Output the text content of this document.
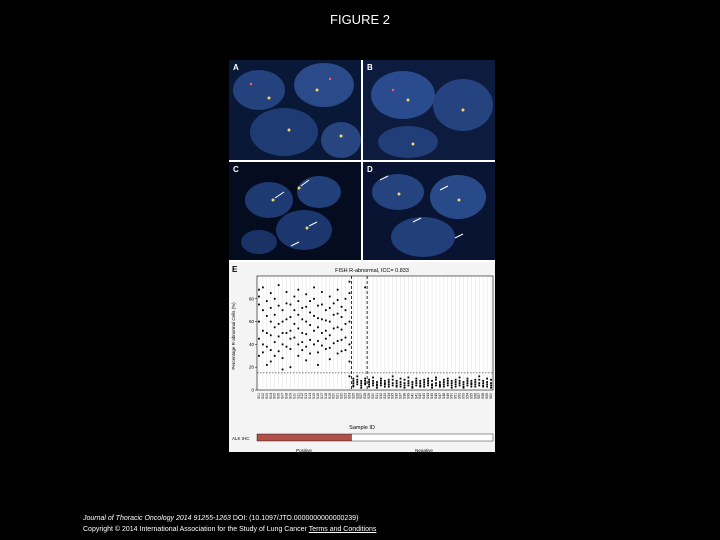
FIGURE 2
A	B
C	D
E	FISH R-abnormal, ICC= 0.833
Sample ID
Percentage R-abnormal Cells (%)
ALK IHC
Positive	Negative
0
20
40
60
80
S01 S02 S03 S04 S05 S06 S07 S08 S09 S10 S11 S12 S13 S14 S15 S16 S17 S18 S19 S20 S21 S22 S23 S24 S25 S26 S27 S28 S29 S30 S31 S32 S33 S34 S35 S36 S37 S38 S39 S40 S41 S42 S43 S44 S45 S46 S47 S48 S49 S50 S51 S52 S53 S54 S55 S56 S57 S58 S59 S60
Journal of Thoracic Oncology 2014 91255-1263 DOI: (10.1097/JTO.0000000000000239)
Copyright © 2014 International Association for the Study of Lung Cancer Terms and Conditions
